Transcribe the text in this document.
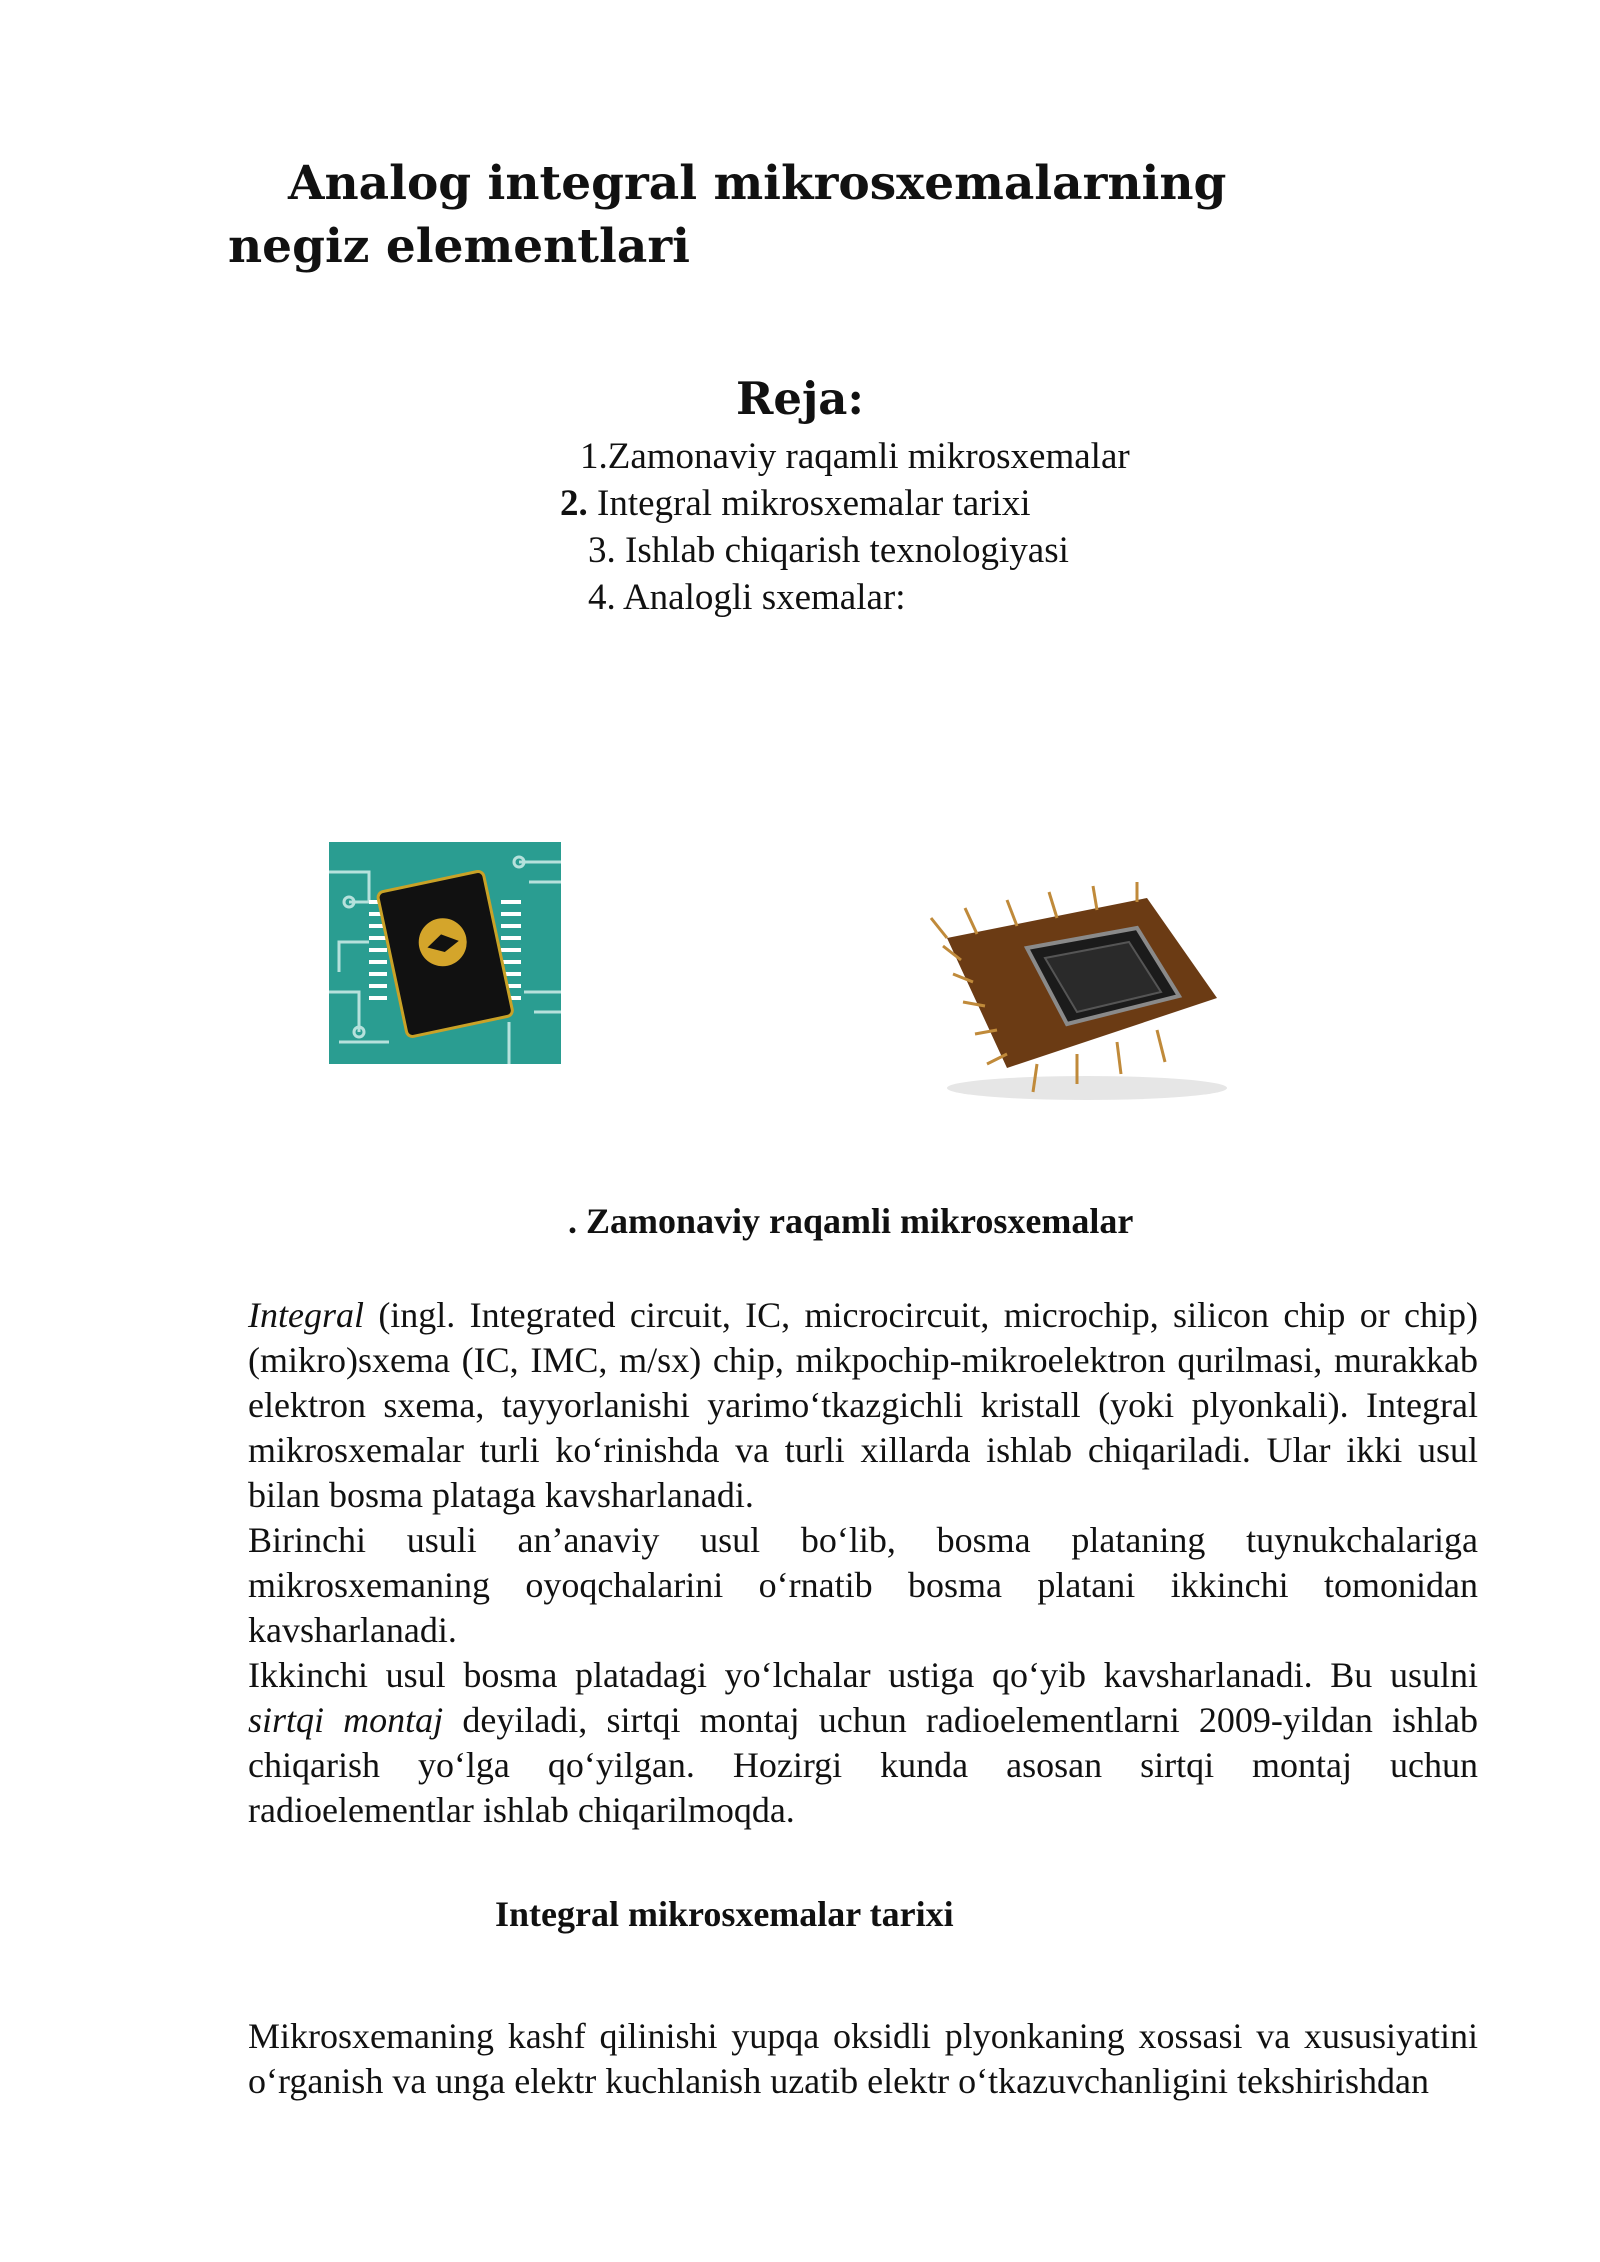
Analog integral mikrosxemalarning negiz elementlari
Reja:
1.Zamonaviy raqamli mikrosxemalar
2. Integral mikrosxemalar tarixi
3. Ishlab chiqarish texnologiyasi
4. Analogli sxemalar:
. Zamonaviy raqamli mikrosxemalar

Integral (ingl. Integrated circuit, IC, microcircuit, microchip, silicon chip or chip) (mikro)sxema (IC, IMC, m/sx) chip, mikpochip-mikroelektron qurilmasi, murakkab elektron sxema, tayyorlanishi yarimo‘tkazgichli kristall (yoki plyonkali). Integral mikrosxemalar turli ko‘rinishda va turli xillarda ishlab chiqariladi. Ular ikki usul bilan bosma plataga kavsharlanadi.

Birinchi usuli an’anaviy usul bo‘lib, bosma plataning tuynukchalariga mikrosxemaning oyoqchalarini o‘rnatib bosma platani ikkinchi tomonidan kavsharlanadi.

Ikkinchi usul bosma platadagi yo‘lchalar ustiga qo‘yib kavsharlanadi. Bu usulni sirtqi montaj deyiladi, sirtqi montaj uchun radioelementlarni 2009-yildan ishlab chiqarish yo‘lga qo‘yilgan. Hozirgi kunda asosan sirtqi montaj uchun radioelementlar ishlab chiqarilmoqda.

Integral mikrosxemalar tarixi

Mikrosxemaning kashf qilinishi yupqa oksidli plyonkaning xossasi va xususiyatini o‘rganish va unga elektr kuchlanish uzatib elektr o‘tkazuvchanligini tekshirishdan
